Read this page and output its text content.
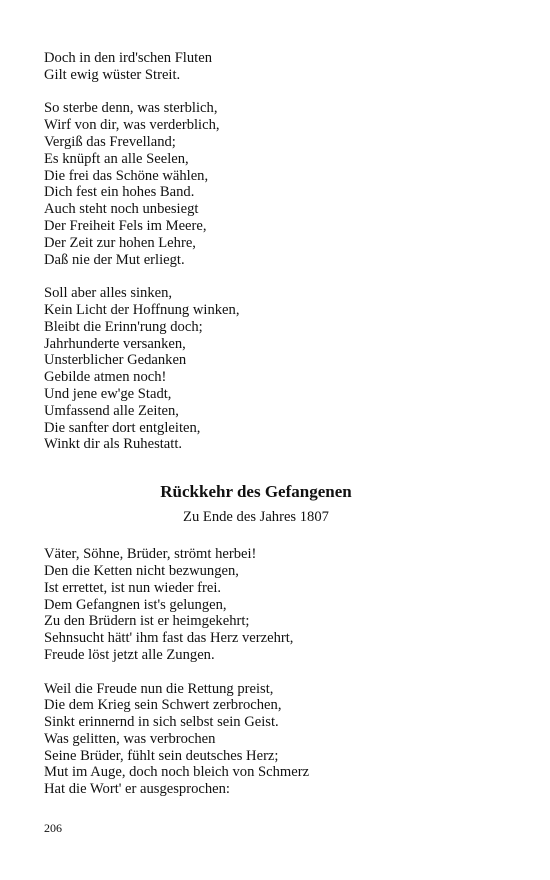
Doch in den ird'schen Fluten
Gilt ewig wüster Streit.
So sterbe denn, was sterblich,
Wirf von dir, was verderblich,
Vergiß das Frevelland;
Es knüpft an alle Seelen,
Die frei das Schöne wählen,
Dich fest ein hohes Band.
Auch steht noch unbesiegt
Der Freiheit Fels im Meere,
Der Zeit zur hohen Lehre,
Daß nie der Mut erliegt.
Soll aber alles sinken,
Kein Licht der Hoffnung winken,
Bleibt die Erinn'rung doch;
Jahrhunderte versanken,
Unsterblicher Gedanken
Gebilde atmen noch!
Und jene ew'ge Stadt,
Umfassend alle Zeiten,
Die sanfter dort entgleiten,
Winkt dir als Ruhestatt.
Rückkehr des Gefangenen
Zu Ende des Jahres 1807
Väter, Söhne, Brüder, strömt herbei!
Den die Ketten nicht bezwungen,
Ist errettet, ist nun wieder frei.
Dem Gefangnen ist's gelungen,
Zu den Brüdern ist er heimgekehrt;
Sehnsucht hätt' ihm fast das Herz verzehrt,
Freude löst jetzt alle Zungen.
Weil die Freude nun die Rettung preist,
Die dem Krieg sein Schwert zerbrochen,
Sinkt erinnernd in sich selbst sein Geist.
Was gelitten, was verbrochen
Seine Brüder, fühlt sein deutsches Herz;
Mut im Auge, doch noch bleich von Schmerz
Hat die Wort' er ausgesprochen:
206
